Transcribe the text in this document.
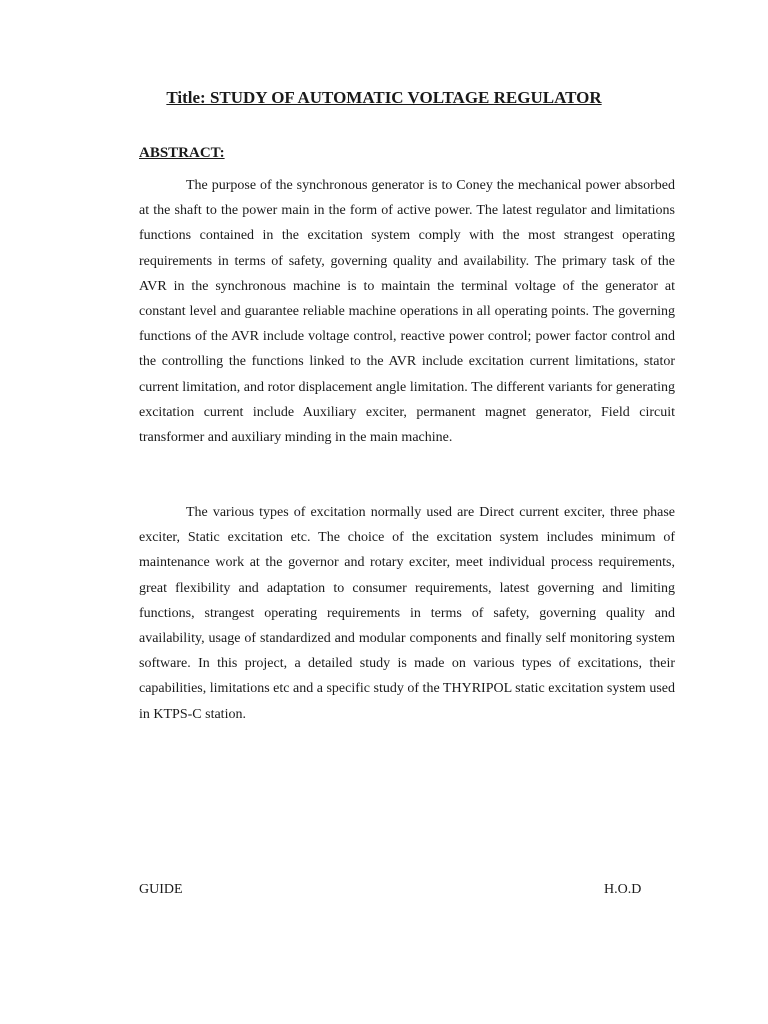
Title: STUDY OF AUTOMATIC VOLTAGE REGULATOR
ABSTRACT:

The purpose of the synchronous generator is to Coney the mechanical power absorbed at the shaft to the power main in the form of active power. The latest regulator and limitations functions contained in the excitation system comply with the most strangest operating requirements in terms of safety, governing quality and availability. The primary task of the AVR in the synchronous machine is to maintain the terminal voltage of the generator at constant level and guarantee reliable machine operations in all operating points. The governing functions of the AVR include voltage control, reactive power control; power factor control and the controlling the functions linked to the AVR include excitation current limitations, stator current limitation, and rotor displacement angle limitation. The different variants for generating excitation current include Auxiliary exciter, permanent magnet generator, Field circuit transformer and auxiliary minding in the main machine.

The various types of excitation normally used are Direct current exciter, three phase exciter, Static excitation etc. The choice of the excitation system includes minimum of maintenance work at the governor and rotary exciter, meet individual process requirements, great flexibility and adaptation to consumer requirements, latest governing and limiting functions, strangest operating requirements in terms of safety, governing quality and availability, usage of standardized and modular components and finally self monitoring system software. In this project, a detailed study is made on various types of excitations, their capabilities, limitations etc and a specific study of the THYRIPOL static excitation system used in KTPS-C station.

GUIDE	H.O.D
